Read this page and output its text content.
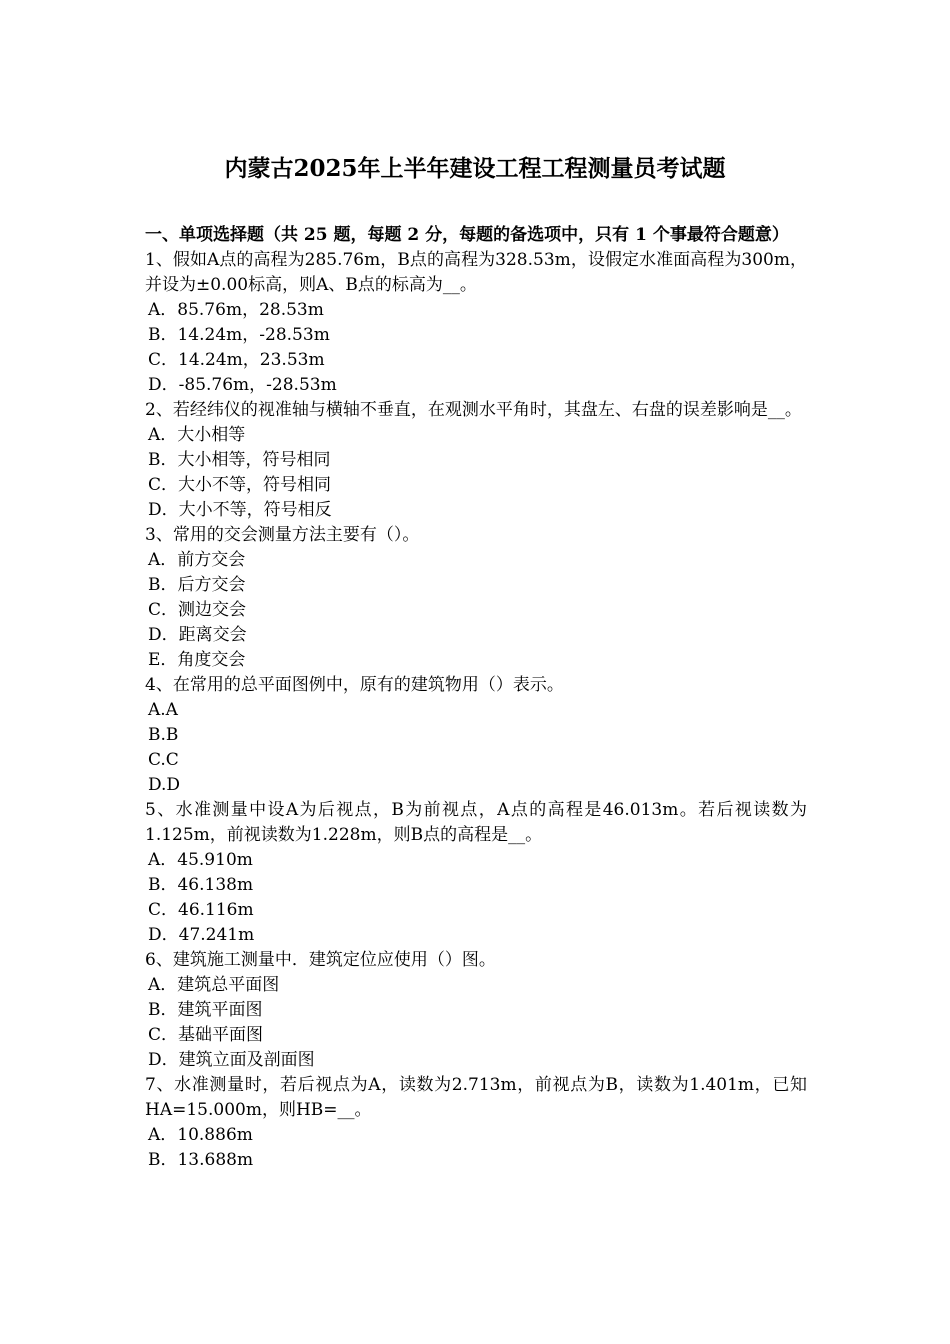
内蒙古2025年上半年建设工程工程测量员考试题

一、单项选择题（共 25 题，每题 2 分，每题的备选项中，只有 1 个事最符合题意）

1、假如A点的高程为285.76m，B点的高程为328.53m，设假定水准面高程为300m，并设为±0.00标高，则A、B点的标高为__。

A．85.76m，28.53m

B．14.24m，-28.53m

C．14.24m，23.53m

D．-85.76m，-28.53m

2、若经纬仪的视准轴与横轴不垂直，在观测水平角时，其盘左、右盘的误差影响是__。

A．大小相等

B．大小相等，符号相同

C．大小不等，符号相同

D．大小不等，符号相反

3、常用的交会测量方法主要有（）。

A．前方交会

B．后方交会

C．测边交会

D．距离交会

E．角度交会

4、在常用的总平面图例中，原有的建筑物用（）表示。

A.A

B.B

C.C

D.D

5、水准测量中设A为后视点，B为前视点，A点的高程是46.013m。若后视读数为1.125m，前视读数为1.228m，则B点的高程是__。

A．45.910m

B．46.138m

C．46.116m

D．47.241m

6、建筑施工测量中．建筑定位应使用（）图。

A．建筑总平面图

B．建筑平面图

C．基础平面图

D．建筑立面及剖面图

7、水准测量时，若后视点为A，读数为2.713m，前视点为B，读数为1.401m，已知HA=15.000m，则HB=__。

A．10.886m

B．13.688m
